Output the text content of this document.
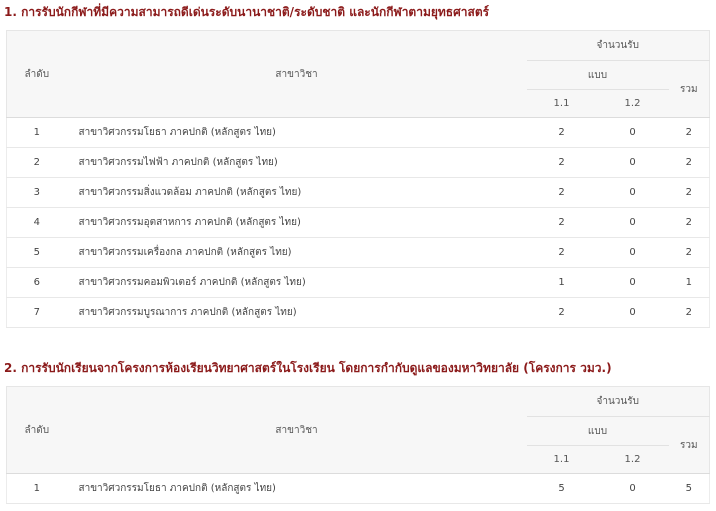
1. การรับนักกีฬาที่มีความสามารถดีเด่นระดับนานาชาติ/ระดับชาติ และนักกีฬาตามยุทธศาสตร์
ลำดับ	สาขาวิชา	จำนวนรับ		
		แบบ		รวม
		1.1	1.2	
1	สาขาวิศวกรรมโยธา ภาคปกติ (หลักสูตร ไทย)	2	0	2
2	สาขาวิศวกรรมไฟฟ้า ภาคปกติ (หลักสูตร ไทย)	2	0	2
3	สาขาวิศวกรรมสิ่งแวดล้อม ภาคปกติ (หลักสูตร ไทย)	2	0	2
4	สาขาวิศวกรรมอุตสาหการ ภาคปกติ (หลักสูตร ไทย)	2	0	2
5	สาขาวิศวกรรมเครื่องกล ภาคปกติ (หลักสูตร ไทย)	2	0	2
6	สาขาวิศวกรรมคอมพิวเตอร์ ภาคปกติ (หลักสูตร ไทย)	1	0	1
7	สาขาวิศวกรรมบูรณาการ ภาคปกติ (หลักสูตร ไทย)	2	0	2
2. การรับนักเรียนจากโครงการห้องเรียนวิทยาศาสตร์ในโรงเรียน โดยการกำกับดูแลของมหาวิทยาลัย (โครงการ วมว.)
ลำดับ	สาขาวิชา	จำนวนรับ		
		แบบ		รวม
		1.1	1.2	
1	สาขาวิศวกรรมโยธา ภาคปกติ (หลักสูตร ไทย)	5	0	5
